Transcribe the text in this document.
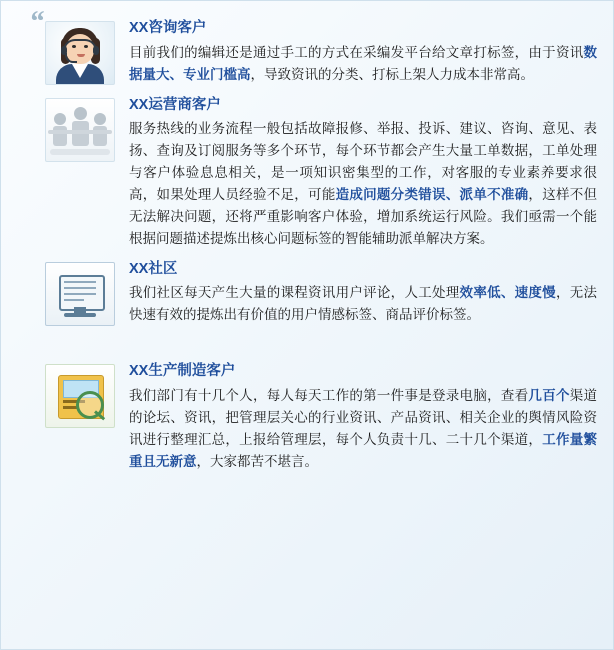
“	XX咨询客户

目前我们的编辑还是通过手工的方式在采编发平台给文章打标签，由于资讯数据量大、专业门槛高，导致资讯的分类、打标上架人力成本非常高。

XX运营商客户

服务热线的业务流程一般包括故障报修、举报、投诉、建议、咨询、意见、表扬、查询及订阅服务等多个环节，每个环节都会产生大量工单数据，工单处理与客户体验息息相关，是一项知识密集型的工作，对客服的专业素养要求很高，如果处理人员经验不足，可能造成问题分类错误、派单不准确，这样不但无法解决问题，还将严重影响客户体验，增加系统运行风险。我们亟需一个能根据问题描述提炼出核心问题标签的智能辅助派单解决方案。

XX社区

我们社区每天产生大量的课程资讯用户评论，人工处理效率低、速度慢，无法快速有效的提炼出有价值的用户情感标签、商品评价标签。

XX生产制造客户

我们部门有十几个人，每人每天工作的第一件事是登录电脑，查看几百个渠道的论坛、资讯，把管理层关心的行业资讯、产品资讯、相关企业的舆情风险资讯进行整理汇总，上报给管理层，每个人负责十几、二十几个渠道，工作量繁重且无新意，大家都苦不堪言。
